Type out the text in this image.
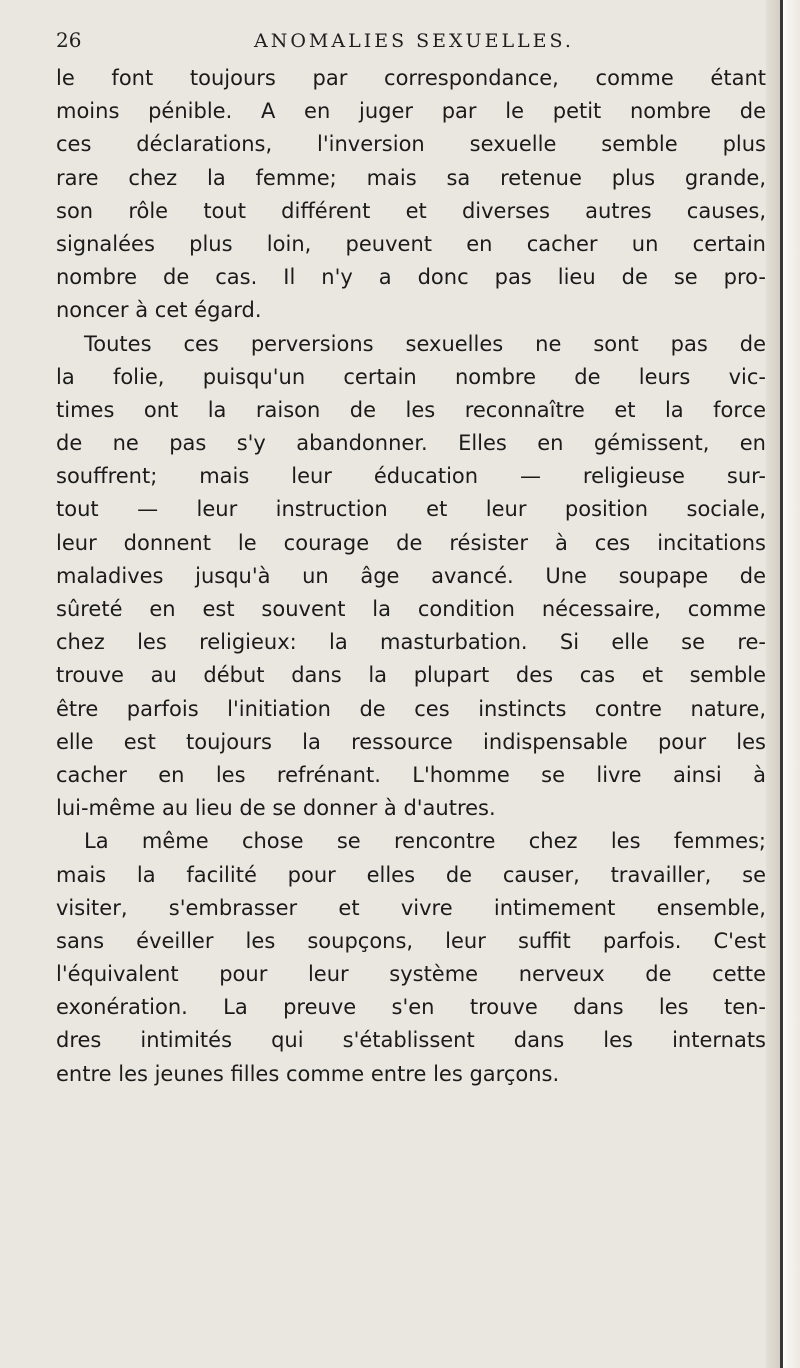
26	ANOMALIES SEXUELLES.
le font toujours par correspondance, comme étant
moins pénible. A en juger par le petit nombre de
ces déclarations, l'inversion sexuelle semble plus
rare chez la femme; mais sa retenue plus grande,
son rôle tout différent et diverses autres causes,
signalées plus loin, peuvent en cacher un certain
nombre de cas. Il n'y a donc pas lieu de se pro-
noncer à cet égard.
Toutes ces perversions sexuelles ne sont pas de
la folie, puisqu'un certain nombre de leurs vic-
times ont la raison de les reconnaître et la force
de ne pas s'y abandonner. Elles en gémissent, en
souffrent; mais leur éducation — religieuse sur-
tout — leur instruction et leur position sociale,
leur donnent le courage de résister à ces incitations
maladives jusqu'à un âge avancé. Une soupape de
sûreté en est souvent la condition nécessaire, comme
chez les religieux: la masturbation. Si elle se re-
trouve au début dans la plupart des cas et semble
être parfois l'initiation de ces instincts contre nature,
elle est toujours la ressource indispensable pour les
cacher en les refrénant. L'homme se livre ainsi à
lui-même au lieu de se donner à d'autres.
La même chose se rencontre chez les femmes;
mais la facilité pour elles de causer, travailler, se
visiter, s'embrasser et vivre intimement ensemble,
sans éveiller les soupçons, leur suffit parfois. C'est
l'équivalent pour leur système nerveux de cette
exonération. La preuve s'en trouve dans les ten-
dres intimités qui s'établissent dans les internats
entre les jeunes filles comme entre les garçons.
